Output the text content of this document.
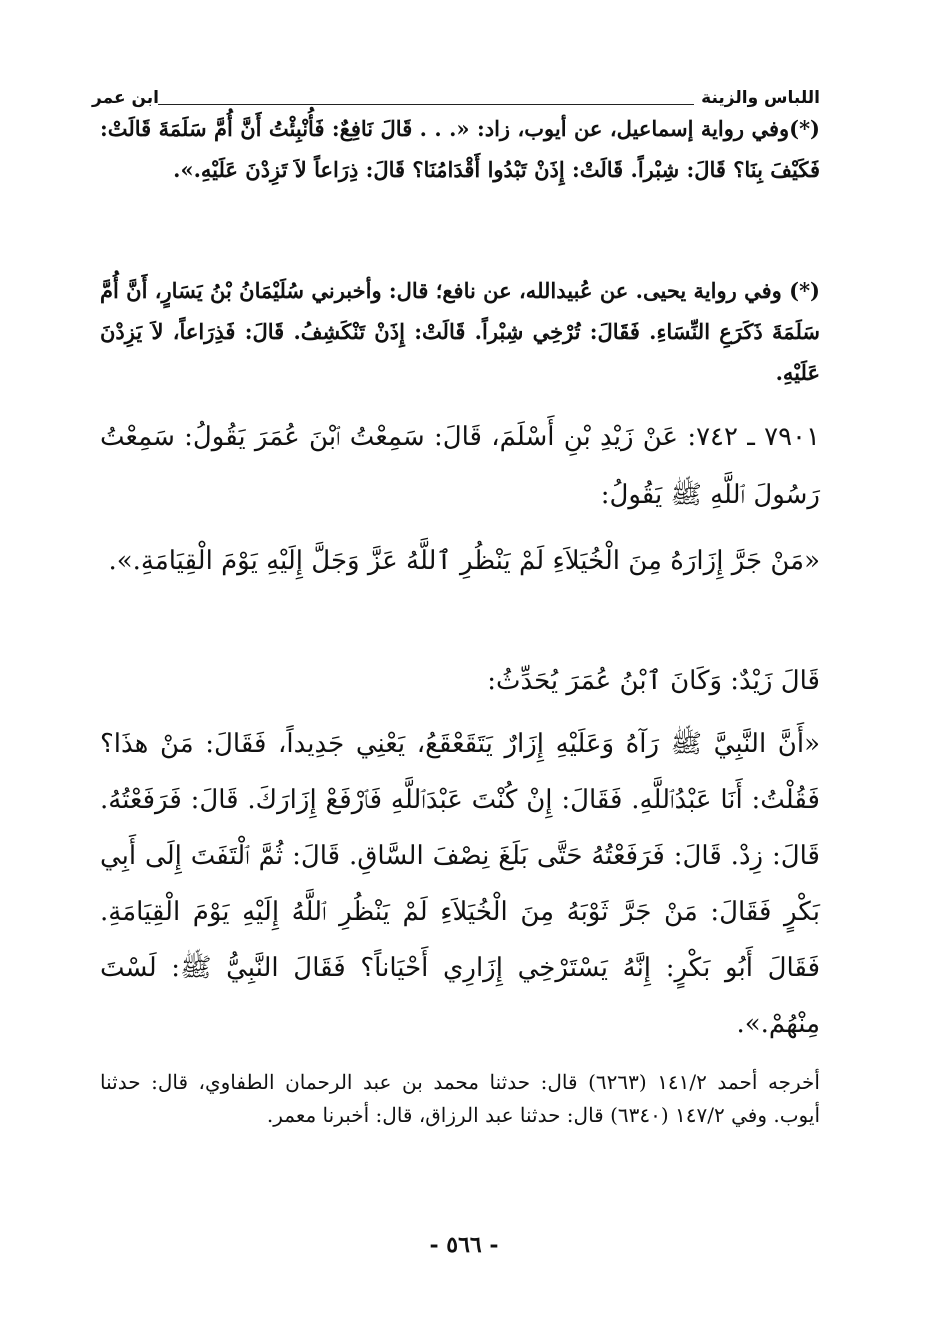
اللباس والزينة
ابن عمر

(*)وفي رواية إسماعيل، عن أيوب، زاد: «. . . قَالَ نَافِعٌ: فَأُنْبِئْتُ أَنَّ أُمَّ سَلَمَةَ قَالَتْ: فَكَيْفَ بِنَا؟ قَالَ: شِبْراً. قَالَتْ: إِذَنْ تَبْدُوا أَقْدَامُنَا؟ قَالَ: ذِرَاعاً لاَ تَزِدْنَ عَلَيْهِ.».

(*) وفي رواية يحيى. عن عُبيدالله، عن نافع؛ قال: وأخبرني سُلَيْمَانُ بْنُ يَسَارٍ، أَنَّ أُمَّ سَلَمَةَ ذَكَرَعِ النِّسَاءِ. فَقَالَ: تُرْخِي شِبْراً. قَالَتْ: إِذَنْ تَنْكَشِفُ. قَالَ: فَذِرَاعاً، لاَ يَزِدْنَ عَلَيْهِ.

٧٩٠١ ـ ٧٤٢: عَنْ زَيْدِ بْنِ أَسْلَمَ، قَالَ: سَمِعْتُ ٱبْنَ عُمَرَ يَقُولُ: سَمِعْتُ رَسُولَ ٱللَّهِ ﷺ يَقُولُ:

«مَنْ جَرَّ إِزَارَهُ مِنَ الْخُيَلاَءِ لَمْ يَنْظُرِ ٱللَّهُ عَزَّ وَجَلَّ إِلَيْهِ يَوْمَ الْقِيَامَةِ.».

قَالَ زَيْدٌ: وَكَانَ ٱبْنُ عُمَرَ يُحَدِّثُ:

«أَنَّ النَّبِيَّ ﷺ رَآهُ وَعَلَيْهِ إِزَارٌ يَتَقَعْقَعُ، يَعْنِي جَدِيداً، فَقَالَ: مَنْ هذَا؟ فَقُلْتُ: أَنَا عَبْدُٱللَّهِ. فَقَالَ: إِنْ كُنْتَ عَبْدَٱللَّهِ فَٱرْفَعْ إِزَارَكَ. قَالَ: فَرَفَعْتُهُ. قَالَ: زِدْ. قَالَ: فَرَفَعْتُهُ حَتَّى بَلَغَ نِصْفَ السَّاقِ. قَالَ: ثُمَّ ٱلْتَفَتَ إِلَى أَبِي بَكْرٍ فَقَالَ: مَنْ جَرَّ ثَوْبَهُ مِنَ الْخُيَلاَءِ لَمْ يَنْظُرِ ٱللَّهُ إِلَيْهِ يَوْمَ الْقِيَامَةِ. فَقَالَ أَبُو بَكْرٍ: إِنَّهُ يَسْتَرْخِي إِزَارِي أَحْيَاناً؟ فَقَالَ النَّبِيُّ ﷺ: لَسْتَ مِنْهُمْ.».

أخرجه أحمد ١٤١/٢ (٦٢٦٣) قال: حدثنا محمد بن عبد الرحمان الطفاوي، قال: حدثنا أيوب. وفي ١٤٧/٢ (٦٣٤٠) قال: حدثنا عبد الرزاق، قال: أخبرنا معمر.

- ٥٦٦ -
